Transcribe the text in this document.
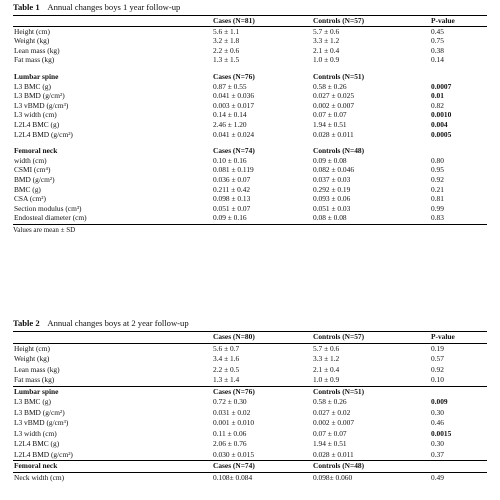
Table 1 Annual changes boys 1 year follow-up
Cases (N=81)	Controls (N=57)	P-value
Height (cm)	5.6 ± 1.1	5.7 ± 0.6	0.45
Weight (kg)	3.2 ± 1.8	3.3 ± 1.2	0.75
Lean mass (kg)	2.2 ± 0.6	2.1 ± 0.4	0.38
Fat mass (kg)	1.3 ± 1.5	1.0 ± 0.9	0.14
Lumbar spine	Cases (N=76)	Controls (N=51)
L3 BMC (g)	0.87 ± 0.55	0.58 ± 0.26	0.0007
L3 BMD (g/cm²)	0.041 ± 0.036	0.027 ± 0.025	0.01
L3 vBMD (g/cm³)	0.003 ± 0.017	0.002 ± 0.007	0.82
L3 width (cm)	0.14 ± 0.14	0.07 ± 0.07	0.0010
L2L4 BMC (g)	2.46 ± 1.20	1.94 ± 0.51	0.004
L2L4 BMD (g/cm²)	0.041 ± 0.024	0.028 ± 0.011	0.0005
Femoral neck	Cases (N=74)	Controls (N=48)
width (cm)	0.10 ± 0.16	0.09 ± 0.08	0.80
CSMI (cm⁴)	0.081 ± 0.119	0.082 ± 0.046	0.95
BMD (g/cm²)	0.036 ± 0.07	0.037 ± 0.03	0.92
BMC (g)	0.211 ± 0.42	0.292 ± 0.19	0.21
CSA (cm²)	0.098 ± 0.13	0.093 ± 0.06	0.81
Section modulus (cm³)	0.051 ± 0.07	0.051 ± 0.03	0.99
Endosteal diameter (cm)	0.09 ± 0.16	0.08 ± 0.08	0.83
Values are mean ± SD
Table 2 Annual changes boys at 2 year follow-up
Cases (N=80)	Controls (N=57)	P-value
Height (cm)	5.6 ± 0.7	5.7 ± 0.6	0.19
Weight (kg)	3.4 ± 1.6	3.3 ± 1.2	0.57
Lean mass (kg)	2.2 ± 0.5	2.1 ± 0.4	0.92
Fat mass (kg)	1.3 ± 1.4	1.0 ± 0.9	0.10
Lumbar spine	Cases (N=76)	Controls (N=51)
L3 BMC (g)	0.72 ± 0.30	0.58 ± 0.26	0.009
L3 BMD (g/cm²)	0.031 ± 0.02	0.027 ± 0.02	0.30
L3 vBMD (g/cm³)	0.001 ± 0.010	0.002 ± 0.007	0.46
L3 width (cm)	0.11 ± 0.06	0.07 ± 0.07	0.0015
L2L4 BMC (g)	2.06 ± 0.76	1.94 ± 0.51	0.30
L2L4 BMD (g/cm²)	0.030 ± 0.015	0.028 ± 0.011	0.37
Femoral neck	Cases (N=74)	Controls (N=48)
Neck width (cm)	0.108± 0.084	0.098± 0.060	0.49
